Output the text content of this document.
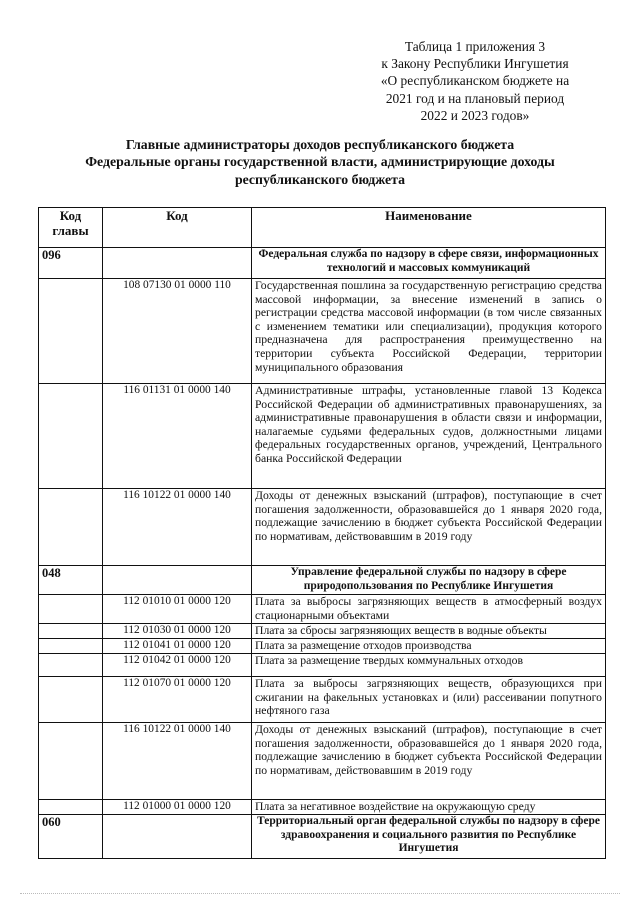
Таблица 1 приложения 3
к Закону Республики Ингушетия
«О республиканском бюджете на
2021 год и на плановый период
2022 и 2023 годов»
Главные администраторы доходов республиканского бюджета
Федеральные органы государственной власти, администрирующие доходы
республиканского бюджета
Код
главы	Код	Наименование
096		Федеральная служба по надзору в сфере связи, информационных технологий и массовых коммуникаций
	108 07130 01 0000 110	Государственная пошлина за государственную регистрацию средства массовой информации, за внесение изменений в запись о регистрации средства массовой информации (в том числе связанных с изменением тематики или специализации), продукция которого предназначена для распространения преимущественно на территории субъекта Российской Федерации, территории муниципального образования
	116 01131 01 0000 140	Административные штрафы, установленные главой 13 Кодекса Российской Федерации об административных правонарушениях, за административные правонарушения в области связи и информации, налагаемые судьями федеральных судов, должностными лицами федеральных государственных органов, учреждений, Центрального банка Российской Федерации
	116 10122 01 0000 140	Доходы от денежных взысканий (штрафов), поступающие в счет погашения задолженности, образовавшейся до 1 января 2020 года, подлежащие зачислению в бюджет субъекта Российской Федерации по нормативам, действовавшим в 2019 году
048		Управление федеральной службы по надзору в сфере природопользования по Республике Ингушетия
	112 01010 01 0000 120	Плата за выбросы загрязняющих веществ в атмосферный воздух стационарными объектами
	112 01030 01 0000 120	Плата за сбросы загрязняющих веществ в водные объекты
	112 01041 01 0000 120	Плата за размещение отходов производства
	112 01042 01 0000 120	Плата за размещение твердых коммунальных отходов
	112 01070 01 0000 120	Плата за выбросы загрязняющих веществ, образующихся при сжигании на факельных установках и (или) рассеивании попутного нефтяного газа
	116 10122 01 0000 140	Доходы от денежных взысканий (штрафов), поступающие в счет погашения задолженности, образовавшейся до 1 января 2020 года, подлежащие зачислению в бюджет субъекта Российской Федерации по нормативам, действовавшим в 2019 году
	112 01000 01 0000 120	Плата за негативное воздействие на окружающую среду
060		Территориальный орган федеральной службы по надзору в сфере здравоохранения и социального развития по Республике Ингушетия
